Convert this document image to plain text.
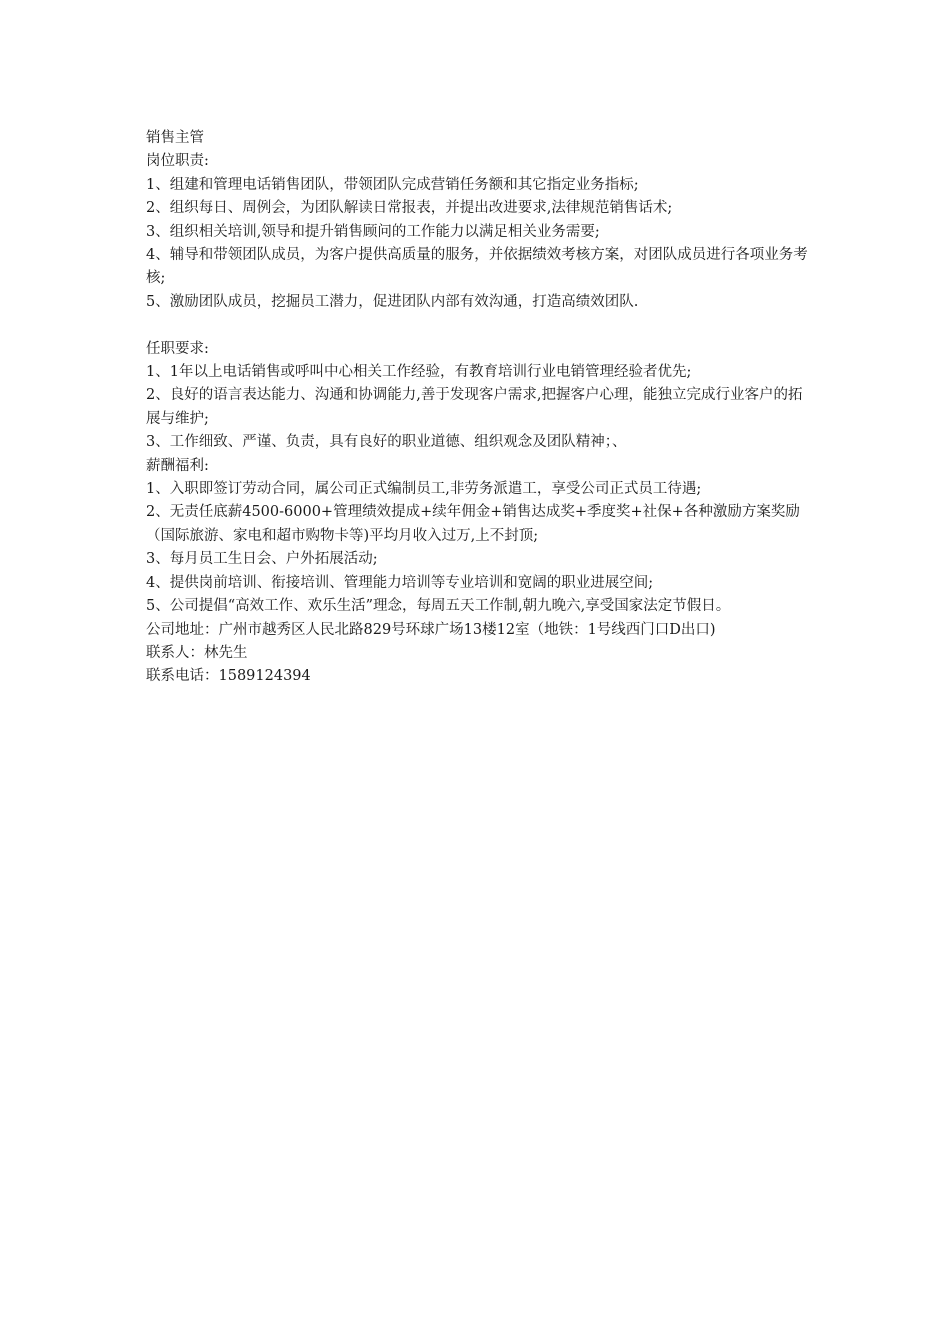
销售主管

岗位职责:

1、组建和管理电话销售团队，带领团队完成营销任务额和其它指定业务指标;

2、组织每日、周例会，为团队解读日常报表，并提出改进要求,法律规范销售话术;

3、组织相关培训,领导和提升销售顾问的工作能力以满足相关业务需要;

4、辅导和带领团队成员，为客户提供高质量的服务，并依据绩效考核方案，对团队成员进行各项业务考核;

5、激励团队成员，挖掘员工潜力，促进团队内部有效沟通，打造高绩效团队.

任职要求:

1、1年以上电话销售或呼叫中心相关工作经验，有教育培训行业电销管理经验者优先;

2、良好的语言表达能力、沟通和协调能力,善于发现客户需求,把握客户心理，能独立完成行业客户的拓展与维护;

3、工作细致、严谨、负责，具有良好的职业道德、组织观念及团队精神；、

薪酬福利:

1、入职即签订劳动合同，属公司正式编制员工,非劳务派遣工，享受公司正式员工待遇;

2、无责任底薪4500-6000+管理绩效提成+续年佣金+销售达成奖+季度奖+社保+各种激励方案奖励（国际旅游、家电和超市购物卡等)平均月收入过万,上不封顶;

3、每月员工生日会、户外拓展活动;

4、提供岗前培训、衔接培训、管理能力培训等专业培训和宽阔的职业进展空间;

5、公司提倡“高效工作、欢乐生活”理念，每周五天工作制,朝九晚六,享受国家法定节假日。

公司地址：广州市越秀区人民北路829号环球广场13楼12室（地铁：1号线西门口D出口)

联系人：林先生

联系电话：1589124394
